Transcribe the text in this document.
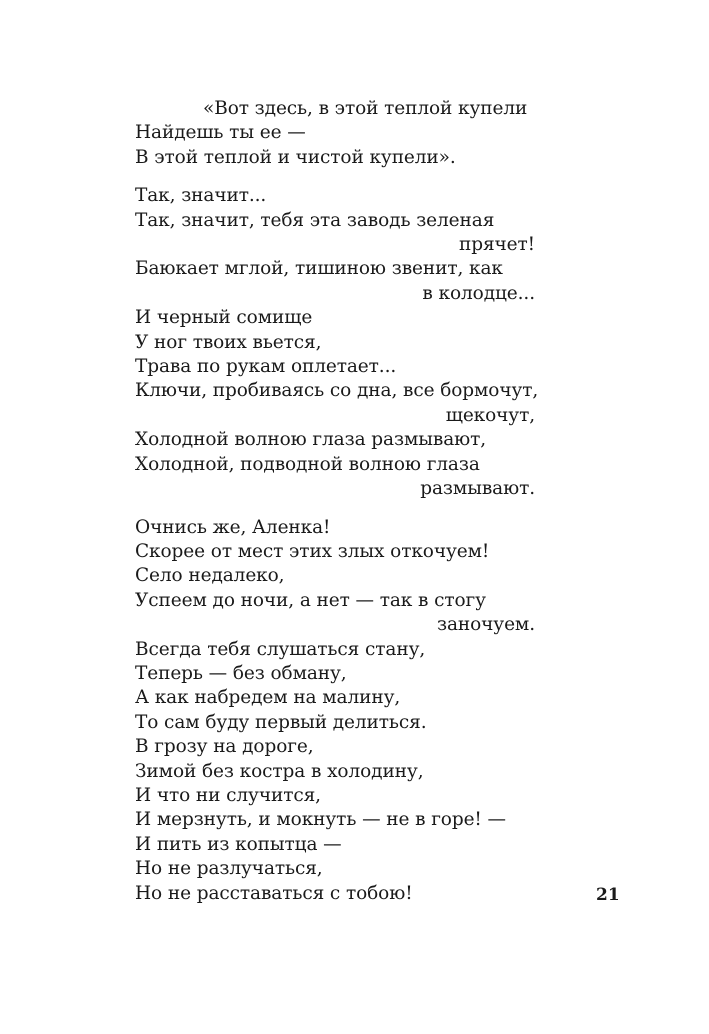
«Вот здесь, в этой теплой купели
Найдешь ты ее —
В этой теплой и чистой купели».
Так, значит...
Так, значит, тебя эта заводь зеленая
прячет!
Баюкает мглой, тишиною звенит, как
в колодце...
И черный сомище
У ног твоих вьется,
Трава по рукам оплетает...
Ключи, пробиваясь со дна, все бормочут,
щекочут,
Холодной волною глаза размывают,
Холодной, подводной волною глаза
размывают.
Очнись же, Аленка!
Скорее от мест этих злых откочуем!
Село недалеко,
Успеем до ночи, а нет — так в стогу
заночуем.
Всегда тебя слушаться стану,
Теперь — без обману,
А как набредем на малину,
То сам буду первый делиться.
В грозу на дороге,
Зимой без костра в холодину,
И что ни случится,
И мерзнуть, и мокнуть — не в горе! —
И пить из копытца —
Но не разлучаться,
Но не расставаться с тобою!	21
